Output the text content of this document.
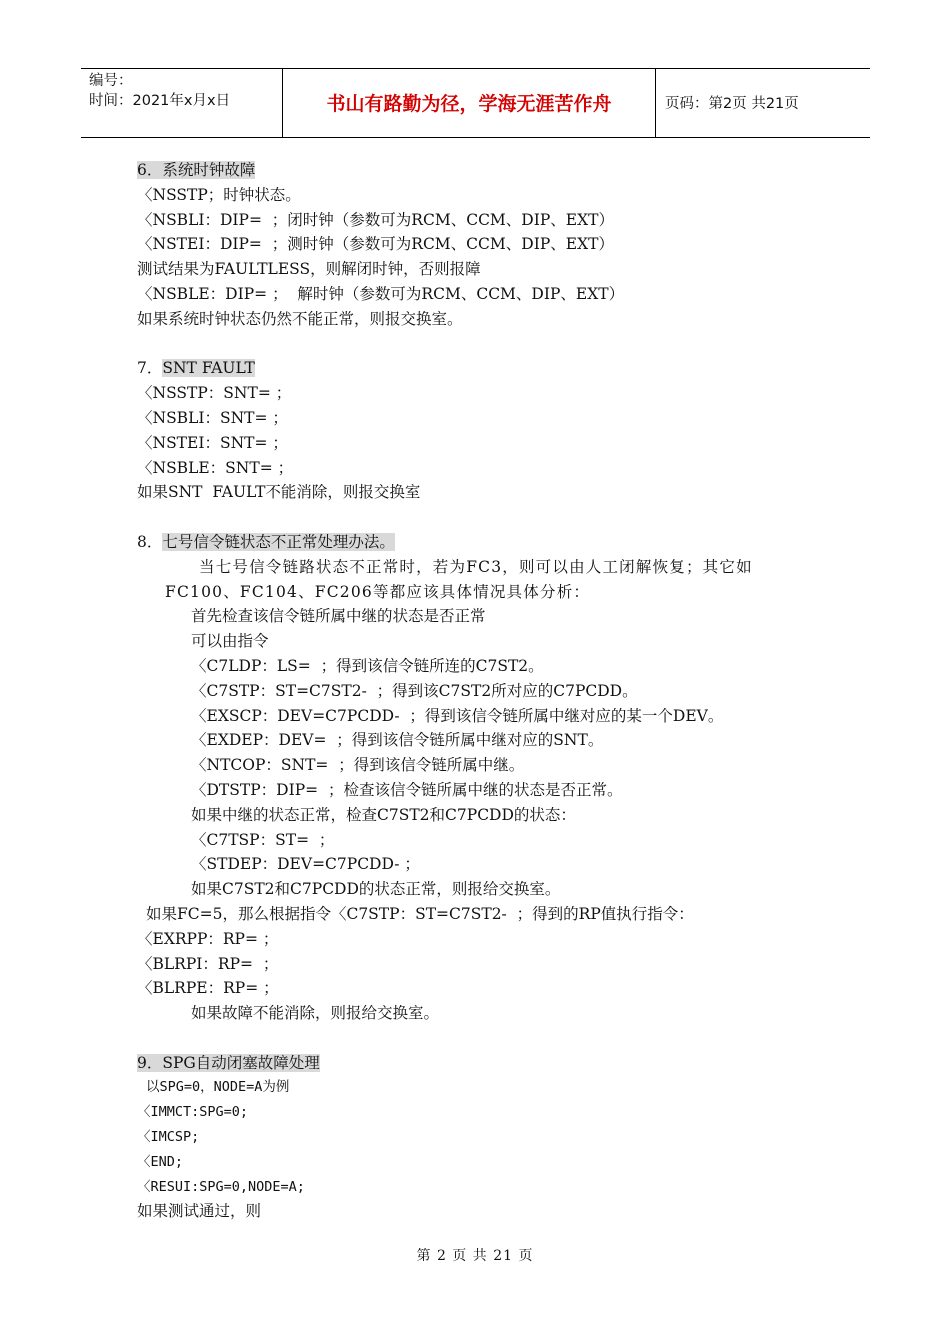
编号：
时间：2021年x月x日	书山有路勤为径，学海无涯苦作舟	页码：第2页 共21页
6．系统时钟故障
〈NSSTP；时钟状态。
〈NSBLI：DIP=  ；闭时钟（参数可为RCM、CCM、DIP、EXT）
〈NSTEI：DIP=  ；测时钟（参数可为RCM、CCM、DIP、EXT）
测试结果为FAULTLESS，则解闭时钟，否则报障
〈NSBLE：DIP= ；  解时钟（参数可为RCM、CCM、DIP、EXT）
如果系统时钟状态仍然不能正常，则报交换室。
7．SNT FAULT
〈NSSTP：SNT= ；
〈NSBLI：SNT= ；
〈NSTEI：SNT= ；
〈NSBLE：SNT= ；
如果SNT  FAULT不能消除，则报交换室
8．七号信令链状态不正常处理办法。
当七号信令链路状态不正常时，若为FC3，则可以由人工闭解恢复；其它如FC100、FC104、FC206等都应该具体情况具体分析：
首先检查该信令链所属中继的状态是否正常
可以由指令
〈C7LDP：LS=  ；得到该信令链所连的C7ST2。
〈C7STP：ST=C7ST2-  ；得到该C7ST2所对应的C7PCDD。
〈EXSCP：DEV=C7PCDD-  ；得到该信令链所属中继对应的某一个DEV。
〈EXDEP：DEV=  ；得到该信令链所属中继对应的SNT。
〈NTCOP：SNT=  ；得到该信令链所属中继。
〈DTSTP：DIP=  ；检查该信令链所属中继的状态是否正常。
如果中继的状态正常，检查C7ST2和C7PCDD的状态：
〈C7TSP：ST=  ；
〈STDEP：DEV=C7PCDD- ；
如果C7ST2和C7PCDD的状态正常，则报给交换室。
如果FC=5，那么根据指令〈C7STP：ST=C7ST2-  ；得到的RP值执行指令：
〈EXRPP：RP= ；
〈BLRPI：RP=  ；
〈BLRPE：RP= ；
如果故障不能消除，则报给交换室。
9．SPG自动闭塞故障处理
以SPG=0，NODE=A为例
〈IMMCT:SPG=0;
〈IMCSP;
〈END;
〈RESUI:SPG=0,NODE=A;
如果测试通过，则
第 2 页 共 21 页
